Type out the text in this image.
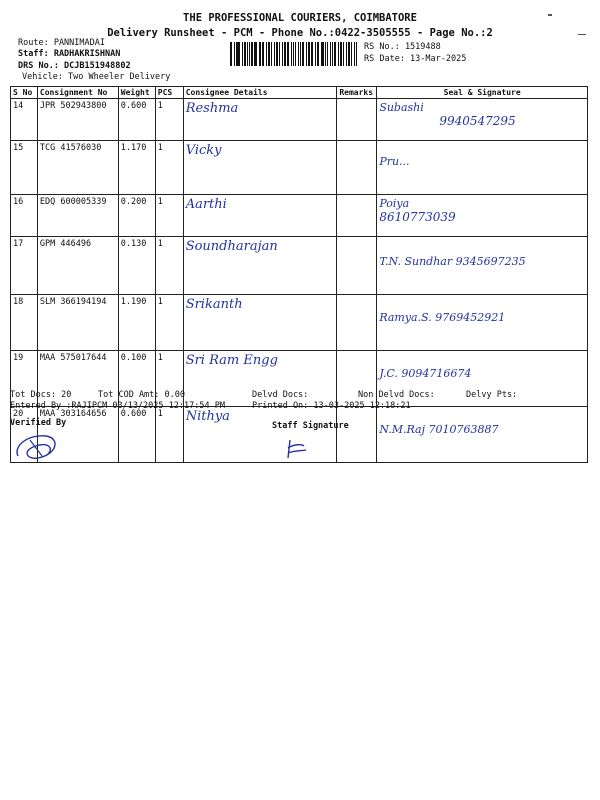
THE PROFESSIONAL COURIERS, COIMBATORE
Delivery Runsheet - PCM - Phone No.:0422-3505555 - Page No.:2
Route: PANNIMADAI
Staff: RADHAKRISHNAN
DRS No.: DCJB151948802
Vehicle: Two Wheeler Delivery
RS No.: 1519488
RS Date: 13-Mar-2025
S No	Consignment No	Weight	PCS	Consignee Details	Remarks	Seal & Signature
14	JPR 502943800	0.600	1	Reshma		Subashi
9940547295

15	TCG 41576030	1.170	1	Vicky		Pru...

16	EDQ 600005339	0.200	1	Aarthi		Poiya
8610773039

17	GPM 446496	0.130	1	Soundharajan		T.N. Sundhar 9345697235

18	SLM 366194194	1.190	1	Srikanth		Ramya.S. 9769452921

19	MAA 575017644	0.100	1	Sri Ram Engg		J.C. 9094716674

20	MAA 303164656	0.600	1	Nithya		N.M.Raj 7010763887
Tot Docs: 20	Tot COD Amt: 0.00	Delvd Docs:	Non Delvd Docs:	Delvy Pts:
Entered By :RAJIPCM 03/13/2025 12:17:54 PM	Printed On: 13-03-2025 12:18:21
Verified By	Staff Signature
